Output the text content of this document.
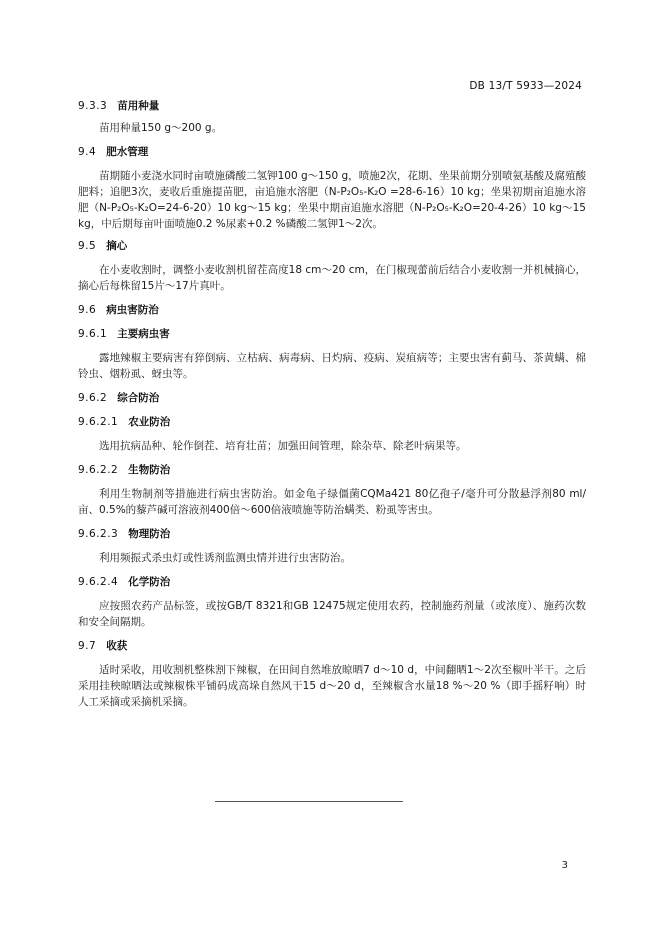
DB 13/T 5933—2024
9.3.3 苗用种量

苗用种量150 g～200 g。

9.4 肥水管理

苗期随小麦浇水同时亩喷施磷酸二氢钾100 g～150 g，喷施2次，花期、坐果前期分别喷氨基酸及腐殖酸肥料；追肥3次，麦收后重施提苗肥，亩追施水溶肥（N-P₂O₅-K₂O =28-6-16）10 kg；坐果初期亩追施水溶肥（N-P₂O₅-K₂O=24-6-20）10 kg～15 kg；坐果中期亩追施水溶肥（N-P₂O₅-K₂O=20-4-26）10 kg～15 kg，中后期每亩叶面喷施0.2 %尿素+0.2 %磷酸二氢钾1～2次。

9.5 摘心

在小麦收割时，调整小麦收割机留茬高度18 cm～20 cm，在门椒现蕾前后结合小麦收割一并机械摘心，摘心后每株留15片～17片真叶。

9.6 病虫害防治
9.6.1 主要病虫害

露地辣椒主要病害有猝倒病、立枯病、病毒病、日灼病、疫病、炭疽病等；主要虫害有蓟马、茶黄螨、棉铃虫、烟粉虱、蚜虫等。

9.6.2 综合防治
9.6.2.1 农业防治

选用抗病品种、轮作倒茬、培育壮苗；加强田间管理，除杂草、除老叶病果等。

9.6.2.2 生物防治

利用生物制剂等措施进行病虫害防治。如金龟子绿僵菌CQMa421 80亿孢子/毫升可分散悬浮剂80 ml/亩、0.5%的藜芦碱可溶液剂400倍～600倍液喷施等防治螨类、粉虱等害虫。

9.6.2.3 物理防治

利用频振式杀虫灯或性诱剂监测虫情并进行虫害防治。

9.6.2.4 化学防治

应按照农药产品标签，或按GB/T 8321和GB 12475规定使用农药，控制施药剂量（或浓度）、施药次数和安全间隔期。

9.7 收获

适时采收，用收割机整株割下辣椒，在田间自然堆放晾晒7 d～10 d，中间翻晒1～2次至椒叶半干。之后采用挂秧晾晒法或辣椒株平铺码成高垛自然风干15 d～20 d，至辣椒含水量18 %～20 %（即手摇籽响）时人工采摘或采摘机采摘。

3
